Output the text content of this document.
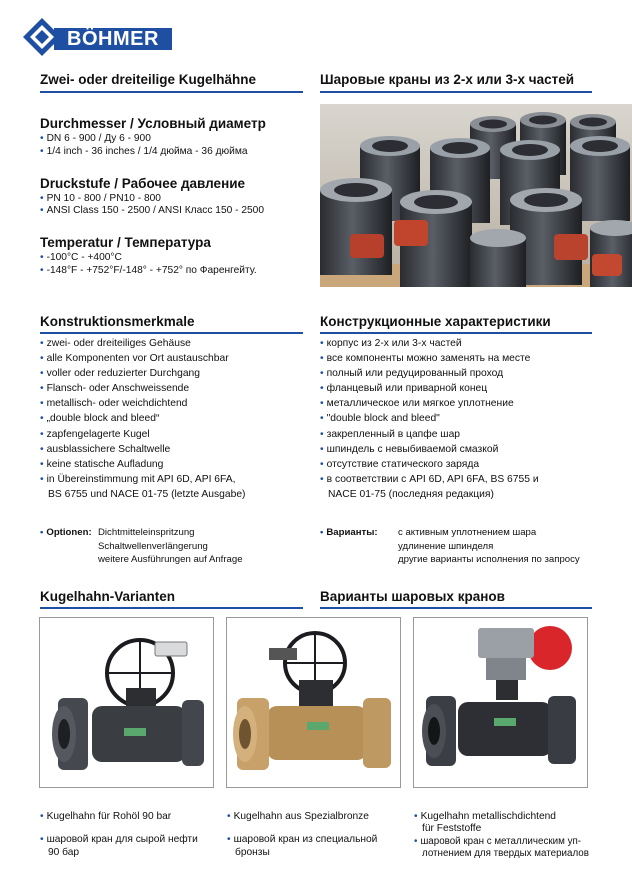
BÖHMER
Zwei- oder dreiteilige Kugelhähne	Шаровые краны из 2-х или 3-х частей
Durchmesser / Условный диаметр
• DN 6 - 900 / Дy 6 - 900
• 1/4 inch - 36 inches / 1/4 дюйма - 36 дюйма
Druckstufe / Рабочее давление
• PN 10 - 800 / PN10 - 800
• ANSI Class 150 - 2500 / ANSI Класс 150 - 2500
Temperatur / Температура
• -100°C - +400°C
• -148°F - +752°F/-148° - +752° по Фаренгейту.
Konstruktionsmerkmale	Конструкционные характеристики
• zwei- oder dreiteiliges Gehäuse
• alle Komponenten vor Ort austauschbar
• voller oder reduzierter Durchgang
• Flansch- oder Anschweissende
• metallisch- oder weichdichtend
• „double block and bleed“
• zapfengelagerte Kugel
• ausblassichere Schaltwelle
• keine statische Aufladung
• in Übereinstimmung mit API 6D, API 6FA,
BS 6755 und NACE 01-75 (letzte Ausgabe)
• корпус из 2-х или 3-х частей
• все компоненты можно заменять на месте
• полный или редуцированный проход
• фланцевый или приварной конец
• металлическое или мягкое уплотнение
• "double block and bleed"
• закрепленный в цапфе шар
• шпиндель с невыбиваемой смазкой
• отсутствие статического заряда
• в соответствии с API 6D, API 6FA, BS 6755 и
NACE 01-75 (последняя редакция)
• Optionen: Dichtmitteleinspritzung
Schaltwellenverlängerung
weitere Ausführungen auf Anfrage
• Варианты:	с активным уплотнением шара
удлинение шпинделя
другие варианты исполнения по запросу
Kugelhahn-Varianten	Варианты шаровых кранов
• Kugelhahn für Rohöl 90 bar
• шаровой кран для сырой нефти
90 бар
• Kugelhahn aus Spezialbronze
• шаровой кран из специальной
бронзы
• Kugelhahn metallischdichtend
für Feststoffe
• шаровой кран с металлическим уп-
лотнением для твердых материалов
